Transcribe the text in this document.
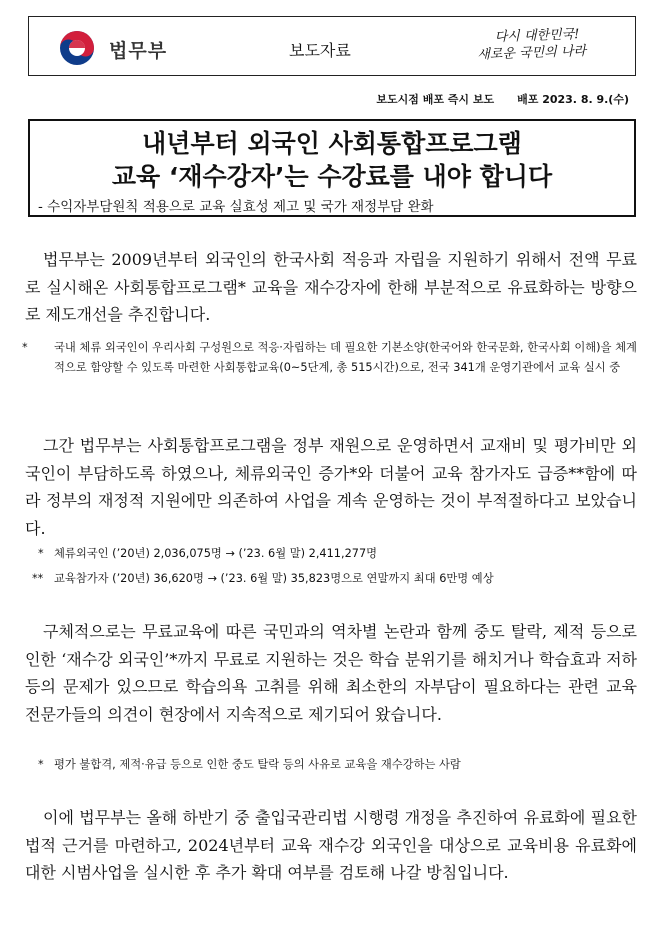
법무부	보도자료
다시 대한민국!
새로운 국민의 나라
보도시점 배포 즉시 보도 배포 2023. 8. 9.(수)
내년부터 외국인 사회통합프로그램
교육 ‘재수강자’는 수강료를 내야 합니다
- 수익자부담원칙 적용으로 교육 실효성 제고 및 국가 재정부담 완화

법무부는 2009년부터 외국인의 한국사회 적응과 자립을 지원하기 위해서 전액 무료로 실시해온 사회통합프로그램* 교육을 재수강자에 한해 부분적으로 유료화하는 방향으로 제도개선을 추진합니다.

* 국내 체류 외국인이 우리사회 구성원으로 적응·자립하는 데 필요한 기본소양(한국어와 한국문화, 한국사회 이해)을 체계적으로 함양할 수 있도록 마련한 사회통합교육(0~5단계, 총 515시간)으로, 전국 341개 운영기관에서 교육 실시 중

그간 법무부는 사회통합프로그램을 정부 재원으로 운영하면서 교재비 및 평가비만 외국인이 부담하도록 하였으나, 체류외국인 증가*와 더불어 교육 참가자도 급증**함에 따라 정부의 재정적 지원에만 의존하여 사업을 계속 운영하는 것이 부적절하다고 보았습니다.

* 체류외국인 (’20년) 2,036,075명 → (’23. 6월 말) 2,411,277명
** 교육참가자 (’20년) 36,620명 → (’23. 6월 말) 35,823명으로 연말까지 최대 6만명 예상

구체적으로는 무료교육에 따른 국민과의 역차별 논란과 함께 중도 탈락, 제적 등으로 인한 ‘재수강 외국인’*까지 무료로 지원하는 것은 학습 분위기를 해치거나 학습효과 저하 등의 문제가 있으므로 학습의욕 고취를 위해 최소한의 자부담이 필요하다는 관련 교육 전문가들의 의견이 현장에서 지속적으로 제기되어 왔습니다.

* 평가 불합격, 제적·유급 등으로 인한 중도 탈락 등의 사유로 교육을 재수강하는 사람

이에 법무부는 올해 하반기 중 출입국관리법 시행령 개정을 추진하여 유료화에 필요한 법적 근거를 마련하고, 2024년부터 교육 재수강 외국인을 대상으로 교육비용 유료화에 대한 시범사업을 실시한 후 추가 확대 여부를 검토해 나갈 방침입니다.
